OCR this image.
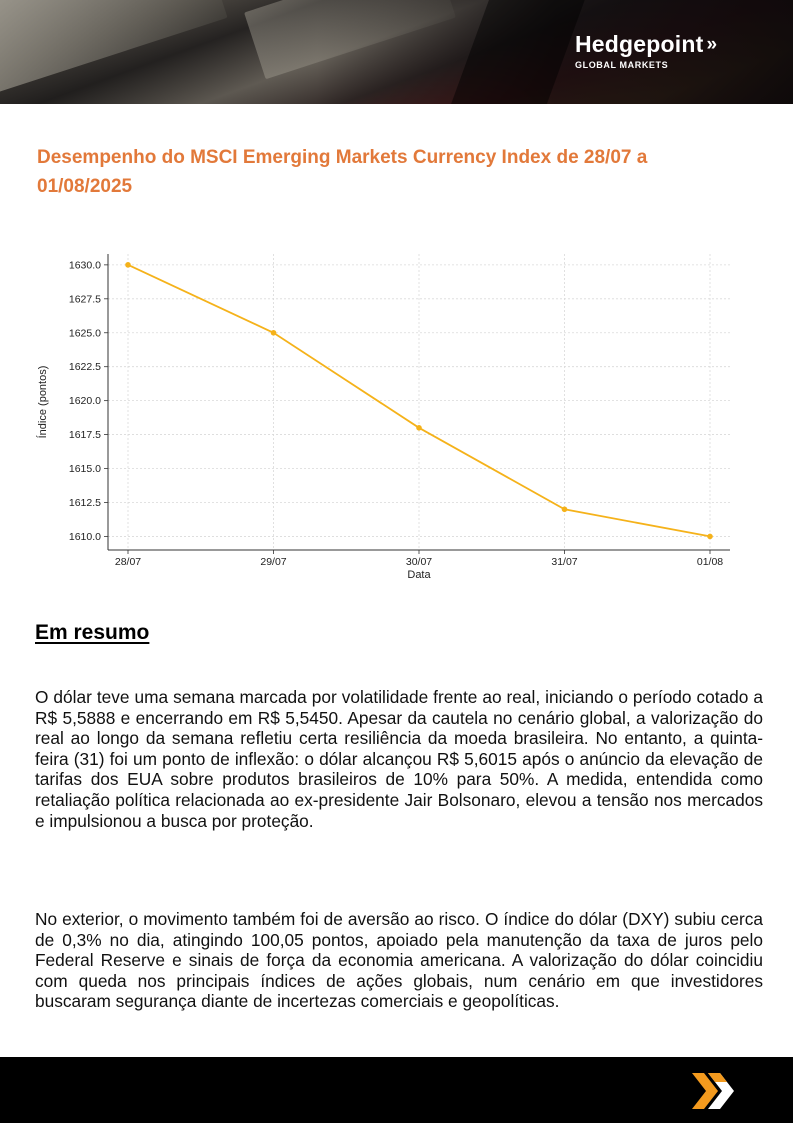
Hedgepoint »
GLOBAL MARKETS
Desempenho do MSCI Emerging Markets Currency Index de 28/07 a
01/08/2025
1610.0
1612.5
1615.0
1617.5
1620.0
1622.5
1625.0
1627.5
1630.0
28/07	29/07	30/07	31/07	01/08
Data
Índice (pontos)
Em resumo

O dólar teve uma semana marcada por volatilidade frente ao real, iniciando o período cotado a R$ 5,5888 e encerrando em R$ 5,5450. Apesar da cautela no cenário global, a valorização do real ao longo da semana refletiu certa resiliência da moeda brasileira. No entanto, a quinta-feira (31) foi um ponto de inflexão: o dólar alcançou R$ 5,6015 após o anúncio da elevação de tarifas dos EUA sobre produtos brasileiros de 10% para 50%. A medida, entendida como retaliação política relacionada ao ex-presidente Jair Bolsonaro, elevou a tensão nos mercados e impulsionou a busca por proteção.

No exterior, o movimento também foi de aversão ao risco. O índice do dólar (DXY) subiu cerca de 0,3% no dia, atingindo 100,05 pontos, apoiado pela manutenção da taxa de juros pelo Federal Reserve e sinais de força da economia americana. A valorização do dólar coincidiu com queda nos principais índices de ações globais, num cenário em que investidores buscaram segurança diante de incertezas comerciais e geopolíticas.
